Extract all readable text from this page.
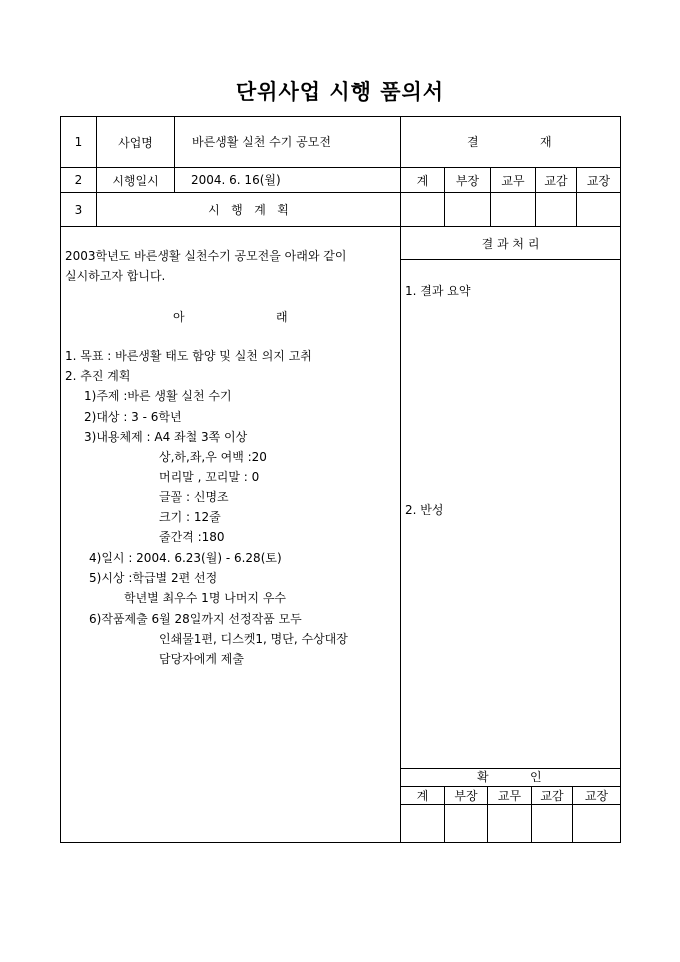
단위사업 시행 품의서
1	사업명	바른생활 실천 수기 공모전	결	재
2	시행일시	2004. 6. 16(월)	계	부장	교무	교감	교장
3	시   행   계   획
2003학년도 바른생활 실천수기 공모전을 아래와 같이
실시하고자 합니다.
아	래
1. 목표 : 바른생활 태도 함양 및 실천 의지 고취
2. 추진 계획
1)주제 :바른 생활 실천 수기
2)대상 : 3 - 6학년
3)내용체제 : A4 좌철 3쪽 이상
상,하,좌,우 여백 :20
머리말 , 꼬리말 : 0
글꼴 : 신명조
크기 : 12줄
줄간격 :180
4)일시 : 2004. 6.23(월) - 6.28(토)
5)시상 :학급별 2편 선정
학년별 최우수 1명 나머지 우수
6)작품제출 6월 28일까지 선정작품 모두
인쇄물1편, 디스켓1, 명단, 수상대장
담당자에게 제출
결 과 처 리
1. 결과 요약
2. 반성
확	인
계	부장	교무	교감	교장
